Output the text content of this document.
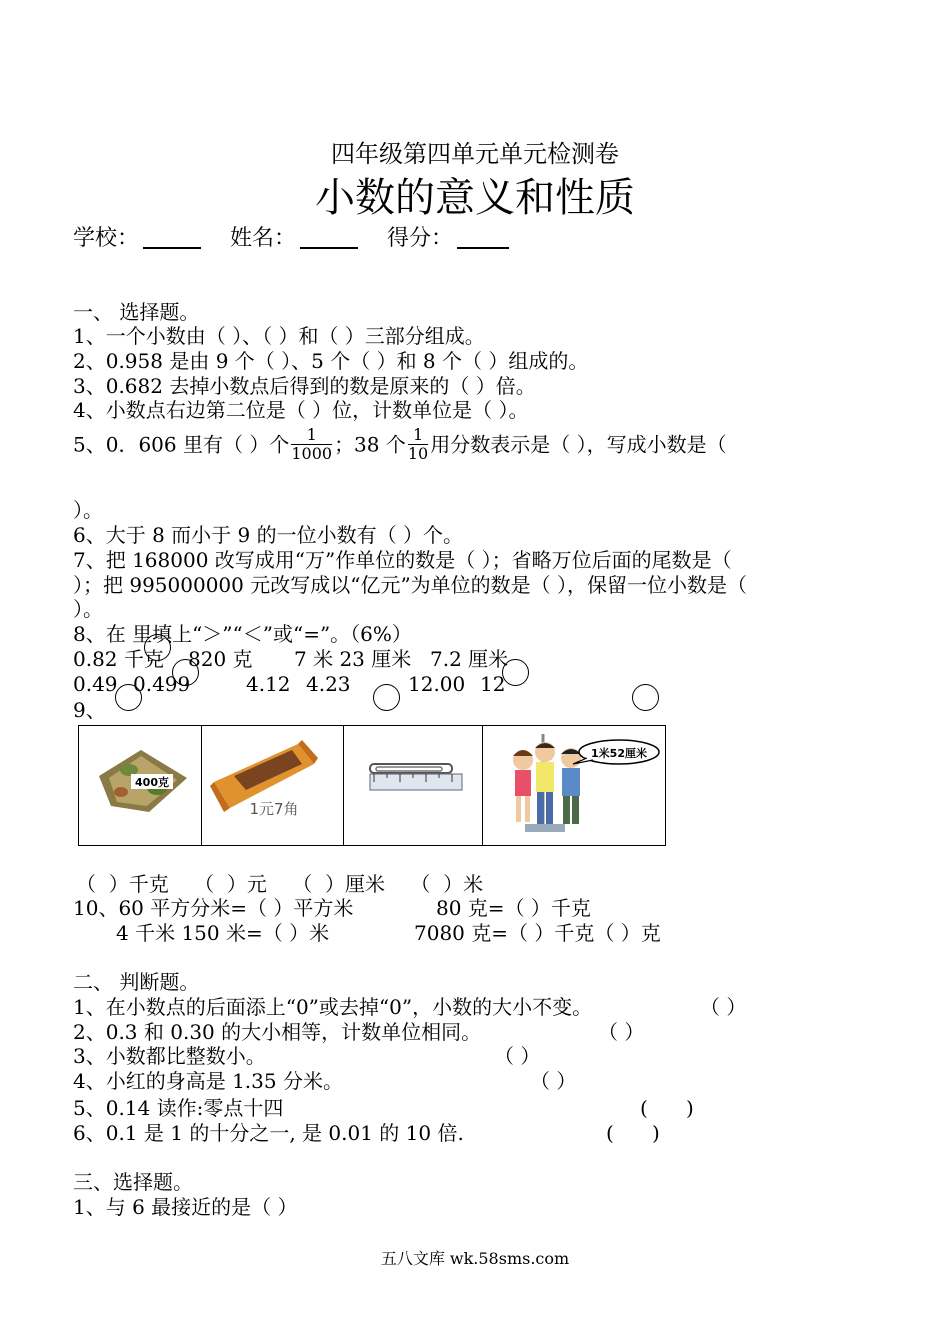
四年级第四单元单元检测卷
小数的意义和性质
学校：	姓名：	得分：
一、 选择题。
1、一个小数由（ ）、（ ）和（ ）三部分组成。
2、0.958 是由 9 个（ ）、5 个（ ）和 8 个（ ）组成的。
3、0.682 去掉小数点后得到的数是原来的（ ）倍。
4、小数点右边第二位是（ ）位，计数单位是（ ）。
5、0．606 里有（ ）个 $\frac{1}{1000}$ ；38 个 $\frac{1}{10}$ 用分数表示是（ ），写成小数是（
）。
6、大于 8 而小于 9 的一位小数有（ ）个。
7、把 168000 改写成用“万”作单位的数是（ ）；省略万位后面的尾数是（
）；把 995000000 元改写成以“亿元”为单位的数是（ ），保留一位小数是（
）。
8、在 里填上“＞”“＜”或“=”。（6%）
0.82 千克 820 克 7 米 23 厘米 7.2 厘米
0.49 0.499	4.12 4.23	12.00 12
9、
400克
1元7角
1米52厘米
（  ）千克    （  ）元    （  ）厘米    （  ）米
10、60 平方分米=（ ）平方米	80 克=（ ）千克
4 千米 150 米=（ ）米	7080 克=（ ）千克（ ）克
二、 判断题。
1、在小数点的后面添上“0”或去掉“0”，小数的大小不变。	（ ）
2、0.3 和 0.30 的大小相等，计数单位相同。	（ ）
3、小数都比整数小。	（ ）
4、小红的身高是 1.35 分米。	（ ）
5、0.14 读作:零点十四	(      )
6、0.1 是 1 的十分之一, 是 0.01 的 10 倍.	(      )
三、选择题。
1、与 6 最接近的是（ ）
五八文库 wk.58sms.com
